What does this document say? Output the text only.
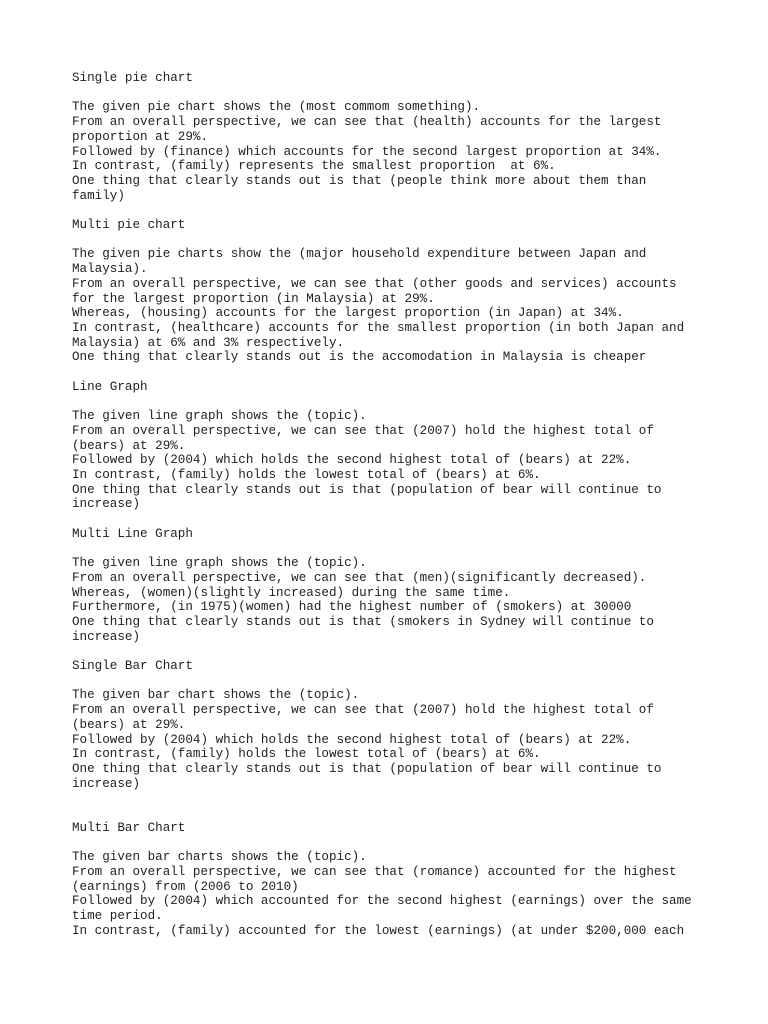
Single pie chart
The given pie chart shows the (most commom something).
From an overall perspective, we can see that (health) accounts for the largest
proportion at 29%.
Followed by (finance) which accounts for the second largest proportion at 34%.
In contrast, (family) represents the smallest proportion  at 6%.
One thing that clearly stands out is that (people think more about them than
family)
Multi pie chart
The given pie charts show the (major household expenditure between Japan and
Malaysia).
From an overall perspective, we can see that (other goods and services) accounts
for the largest proportion (in Malaysia) at 29%.
Whereas, (housing) accounts for the largest proportion (in Japan) at 34%.
In contrast, (healthcare) accounts for the smallest proportion (in both Japan and
Malaysia) at 6% and 3% respectively.
One thing that clearly stands out is the accomodation in Malaysia is cheaper
Line Graph
The given line graph shows the (topic).
From an overall perspective, we can see that (2007) hold the highest total of
(bears) at 29%.
Followed by (2004) which holds the second highest total of (bears) at 22%.
In contrast, (family) holds the lowest total of (bears) at 6%.
One thing that clearly stands out is that (population of bear will continue to
increase)
Multi Line Graph
The given line graph shows the (topic).
From an overall perspective, we can see that (men)(significantly decreased).
Whereas, (women)(slightly increased) during the same time.
Furthermore, (in 1975)(women) had the highest number of (smokers) at 30000
One thing that clearly stands out is that (smokers in Sydney will continue to
increase)
Single Bar Chart
The given bar chart shows the (topic).
From an overall perspective, we can see that (2007) hold the highest total of
(bears) at 29%.
Followed by (2004) which holds the second highest total of (bears) at 22%.
In contrast, (family) holds the lowest total of (bears) at 6%.
One thing that clearly stands out is that (population of bear will continue to
increase)
Multi Bar Chart
The given bar charts shows the (topic).
From an overall perspective, we can see that (romance) accounted for the highest
(earnings) from (2006 to 2010)
Followed by (2004) which accounted for the second highest (earnings) over the same
time period.
In contrast, (family) accounted for the lowest (earnings) (at under $200,000 each
